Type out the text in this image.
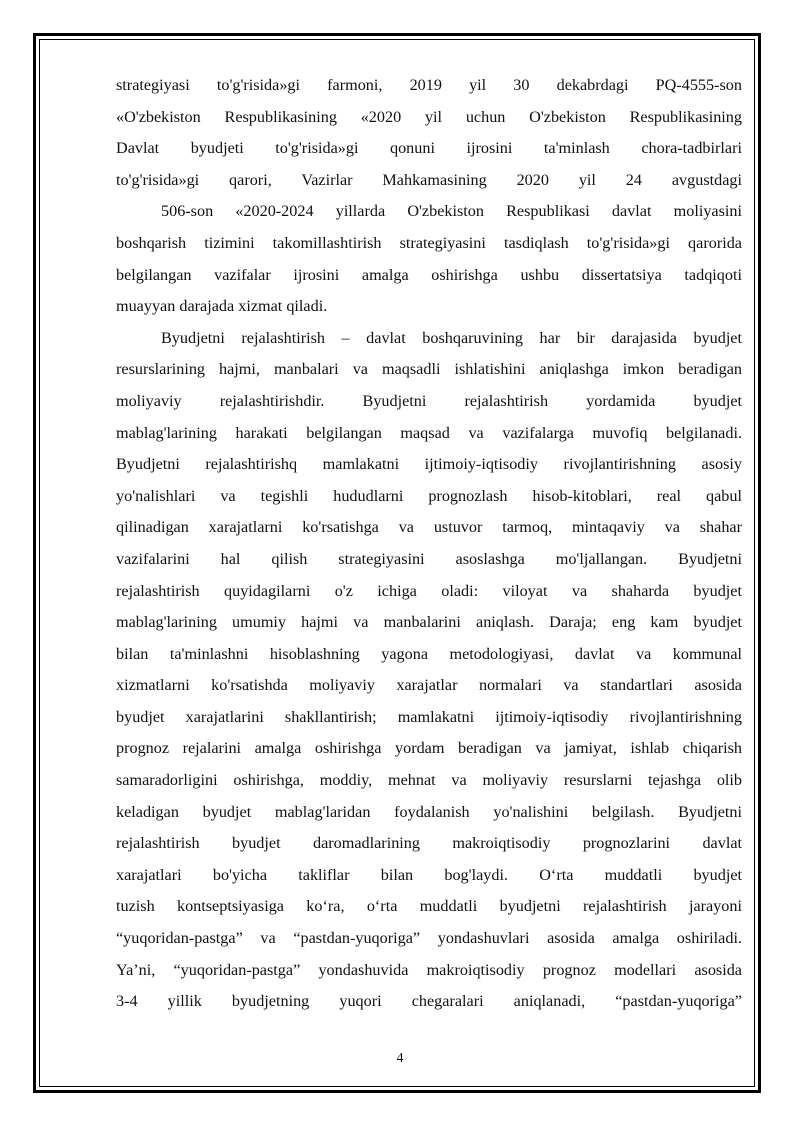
strategiyasi to'g'risida»gi farmoni, 2019 yil 30 dekabrdagi PQ-4555-son
«O'zbekiston Respublikasining «2020 yil uchun O'zbekiston Respublikasining
Davlat byudjeti to'g'risida»gi qonuni ijrosini ta'minlash chora-tadbirlari
to'g'risida»gi qarori, Vazirlar Mahkamasining 2020 yil 24 avgustdagi
506-son «2020-2024 yillarda O'zbekiston Respublikasi davlat moliyasini
boshqarish tizimini takomillashtirish strategiyasini tasdiqlash to'g'risida»gi qarorida
belgilangan vazifalar ijrosini amalga oshirishga ushbu dissertatsiya tadqiqoti
muayyan darajada xizmat qiladi.
Byudjetni rejalashtirish – davlat boshqaruvining har bir darajasida byudjet
resurslarining hajmi, manbalari va maqsadli ishlatishini aniqlashga imkon beradigan
moliyaviy rejalashtirishdir. Byudjetni rejalashtirish yordamida byudjet
mablag'larining harakati belgilangan maqsad va vazifalarga muvofiq belgilanadi.
Byudjetni rejalashtirishq mamlakatni ijtimoiy-iqtisodiy rivojlantirishning asosiy
yo'nalishlari va tegishli hududlarni prognozlash hisob-kitoblari, real qabul
qilinadigan xarajatlarni ko'rsatishga va ustuvor tarmoq, mintaqaviy va shahar
vazifalarini hal qilish strategiyasini asoslashga mo'ljallangan. Byudjetni
rejalashtirish quyidagilarni o'z ichiga oladi: viloyat va shaharda byudjet
mablag'larining umumiy hajmi va manbalarini aniqlash. Daraja; eng kam byudjet
bilan ta'minlashni hisoblashning yagona metodologiyasi, davlat va kommunal
xizmatlarni ko'rsatishda moliyaviy xarajatlar normalari va standartlari asosida
byudjet xarajatlarini shakllantirish; mamlakatni ijtimoiy-iqtisodiy rivojlantirishning
prognoz rejalarini amalga oshirishga yordam beradigan va jamiyat, ishlab chiqarish
samaradorligini oshirishga, moddiy, mehnat va moliyaviy resurslarni tejashga olib
keladigan byudjet mablag'laridan foydalanish yo'nalishini belgilash. Byudjetni
rejalashtirish byudjet daromadlarining makroiqtisodiy prognozlarini davlat
xarajatlari bo'yicha takliflar bilan bog'laydi. O‘rta muddatli byudjet
tuzish kontseptsiyasiga ko‘ra, o‘rta muddatli byudjetni rejalashtirish jarayoni
“yuqoridan-pastga” va “pastdan-yuqoriga” yondashuvlari asosida amalga oshiriladi.
Ya’ni, “yuqoridan-pastga” yondashuvida makroiqtisodiy prognoz modellari asosida
3-4 yillik byudjetning yuqori chegaralari aniqlanadi, “pastdan-yuqoriga”
4
